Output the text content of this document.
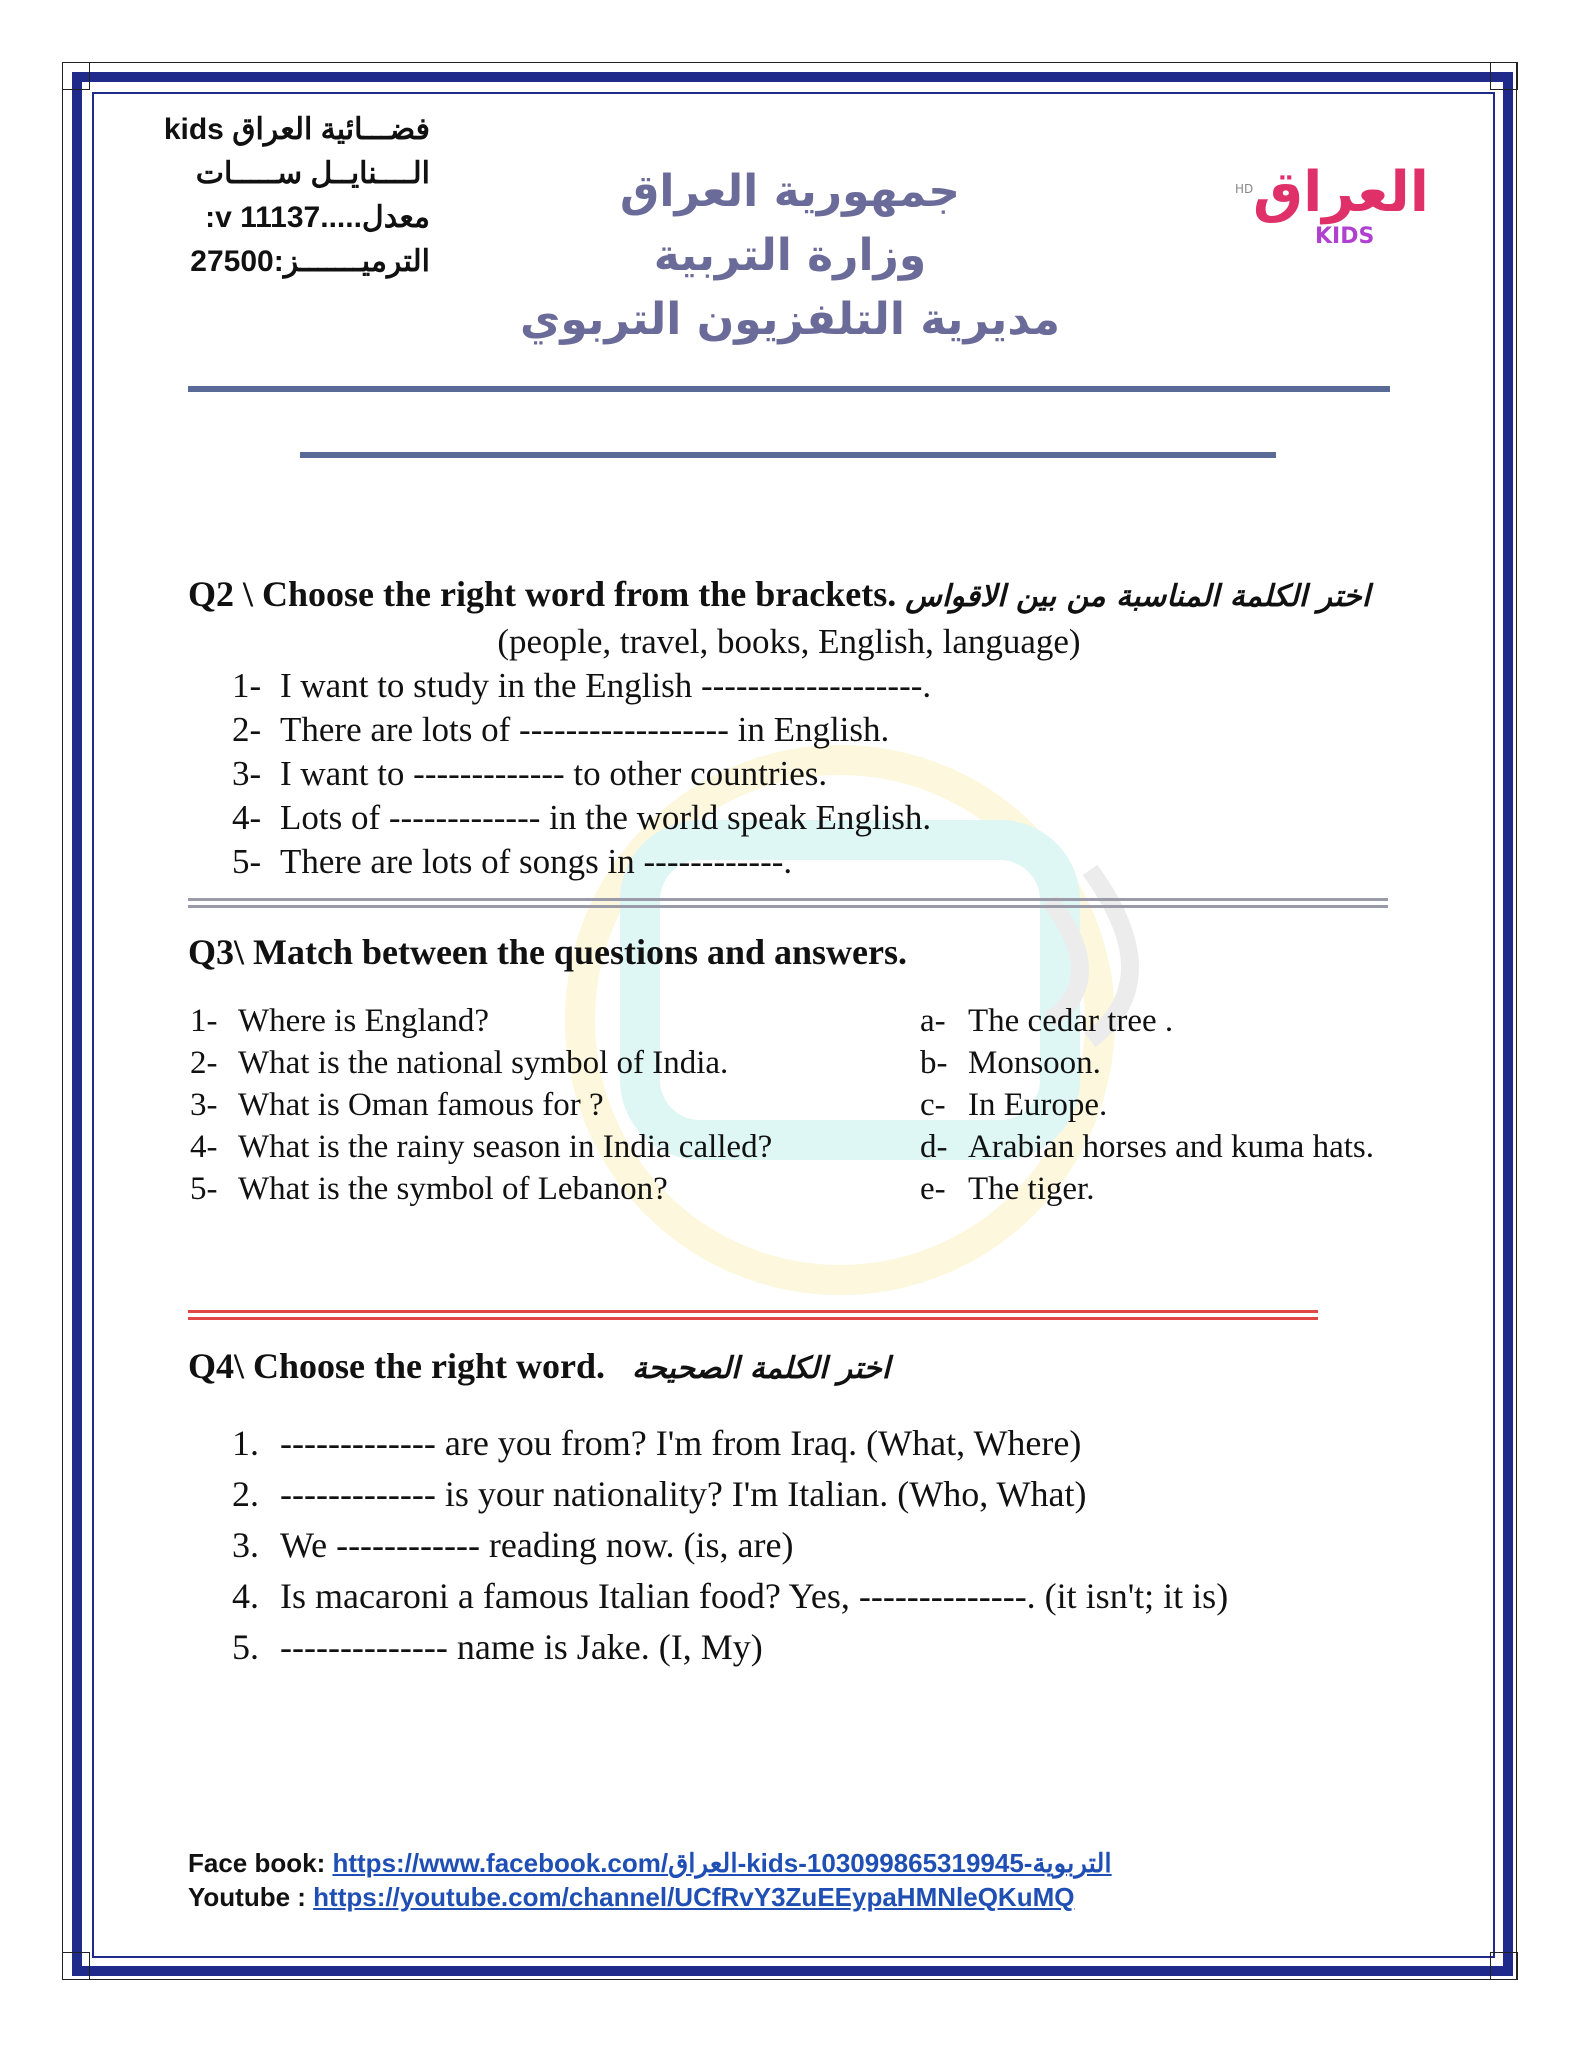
فضـــائية العراق kids
الــــنايــل ســـــات
معدل.....11137 v:
الترميـــــــز:27500
جمهورية العراق
وزارة التربية
مديرية التلفزيون التربوي
HD العراق
KIDS
Q2 \ Choose the right word from the brackets. اختر الكلمة المناسبة من بين الاقواس
(people, travel, books, English, language)
1- I want to study in the English -------------------.
2- There are lots of ------------------ in English.
3- I want to ------------- to other countries.
4- Lots of ------------- in the world speak English.
5- There are lots of songs in ------------.
Q3\ Match between the questions and answers.
1- Where is England?
2- What is the national symbol of India.
3- What is Oman famous for ?
4- What is the rainy season in India called?
5- What is the symbol of Lebanon?
a- The cedar tree .
b- Monsoon.
c- In Europe.
d- Arabian horses and kuma hats.
e- The tiger.
Q4\ Choose the right word. اختر الكلمة الصحيحة
1. ------------- are you from? I'm from Iraq. (What, Where)
2. ------------- is your nationality? I'm Italian. (Who, What)
3. We ------------ reading now. (is, are)
4. Is macaroni a famous Italian food? Yes, --------------. (it isn't; it is)
5. -------------- name is Jake. (I, My)
Face book: https://www.facebook.com/العراق-kids-103099865319945-التربوية
Youtube : https://youtube.com/channel/UCfRvY3ZuEEypaHMNleQKuMQ
